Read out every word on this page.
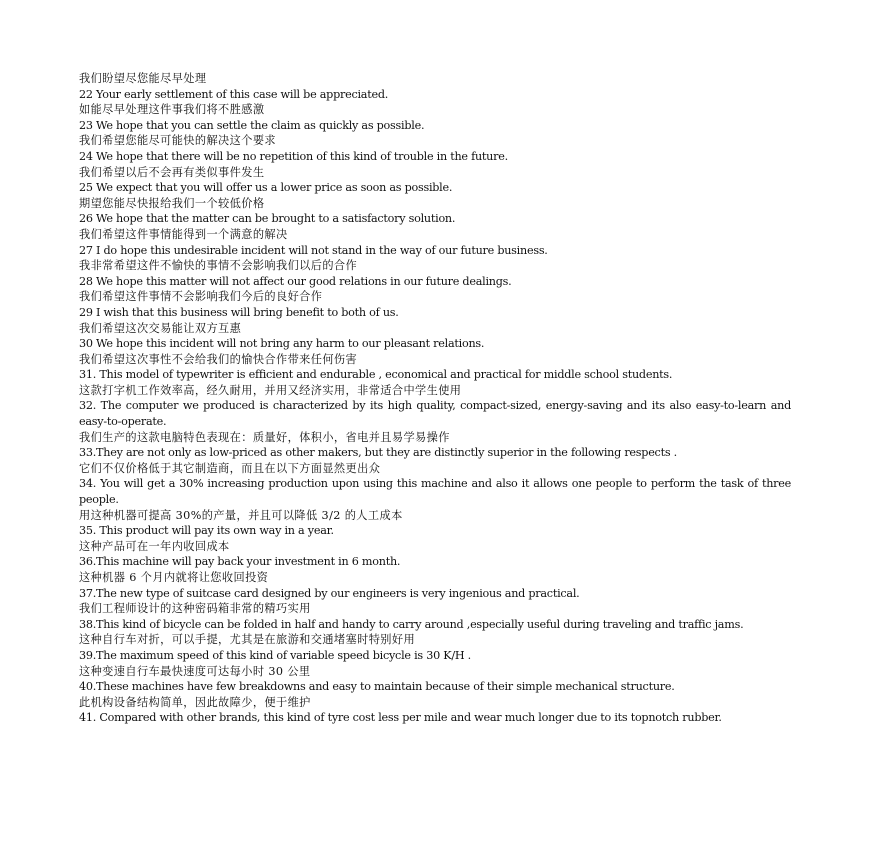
我们盼望尽您能尽早处理
22 Your early settlement of this case will be appreciated.
如能尽早处理这件事我们将不胜感激
23 We hope that you can settle the claim as quickly as possible.
我们希望您能尽可能快的解决这个要求
24 We hope that there will be no repetition of this kind of trouble in the future.
我们希望以后不会再有类似事件发生
25 We expect that you will offer us a lower price as soon as possible.
期望您能尽快报给我们一个较低价格
26 We hope that the matter can be brought to a satisfactory solution.
我们希望这件事情能得到一个满意的解决
27 I do hope this undesirable incident will not stand in the way of our future business.
我非常希望这件不愉快的事情不会影响我们以后的合作
28 We hope this matter will not affect our good relations in our future dealings.
我们希望这件事情不会影响我们今后的良好合作
29 I wish that this business will bring benefit to both of us.
我们希望这次交易能让双方互惠
30 We hope this incident will not bring any harm to our pleasant relations.
我们希望这次事性不会给我们的愉快合作带来任何伤害
31. This model of typewriter is efficient and endurable , economical and practical for middle school students.
这款打字机工作效率高，经久耐用，并用又经济实用，非常适合中学生使用
32. The computer we produced is characterized by its high quality, compact-sized, energy-saving and its also easy-to-learn and easy-to-operate.
我们生产的这款电脑特色表现在：质量好，体积小，省电并且易学易操作
33.They are not only as low-priced as other makers, but they are distinctly superior in the following respects .
它们不仅价格低于其它制造商，而且在以下方面显然更出众
34. You will get a 30% increasing production upon using this machine and also it allows one people to perform the task of three people.
用这种机器可提高 30%的产量，并且可以降低 3/2 的人工成本
35. This product will pay its own way in a year.
这种产品可在一年内收回成本
36.This machine will pay back your investment in 6 month.
这种机器 6 个月内就将让您收回投资
37.The new type of suitcase card designed by our engineers is very ingenious and practical.
我们工程师设计的这种密码箱非常的精巧实用
38.This kind of bicycle can be folded in half and handy to carry around ,especially useful during traveling and traffic jams.
这种自行车对折，可以手提，尤其是在旅游和交通堵塞时特别好用
39.The maximum speed of this kind of variable speed bicycle is 30 K/H .
这种变速自行车最快速度可达每小时 30 公里
40.These machines have few breakdowns and easy to maintain because of their simple mechanical structure.
此机构设备结构简单，因此故障少，便于维护
41. Compared with other brands, this kind of tyre cost less per mile and wear much longer due to its topnotch rubber.
